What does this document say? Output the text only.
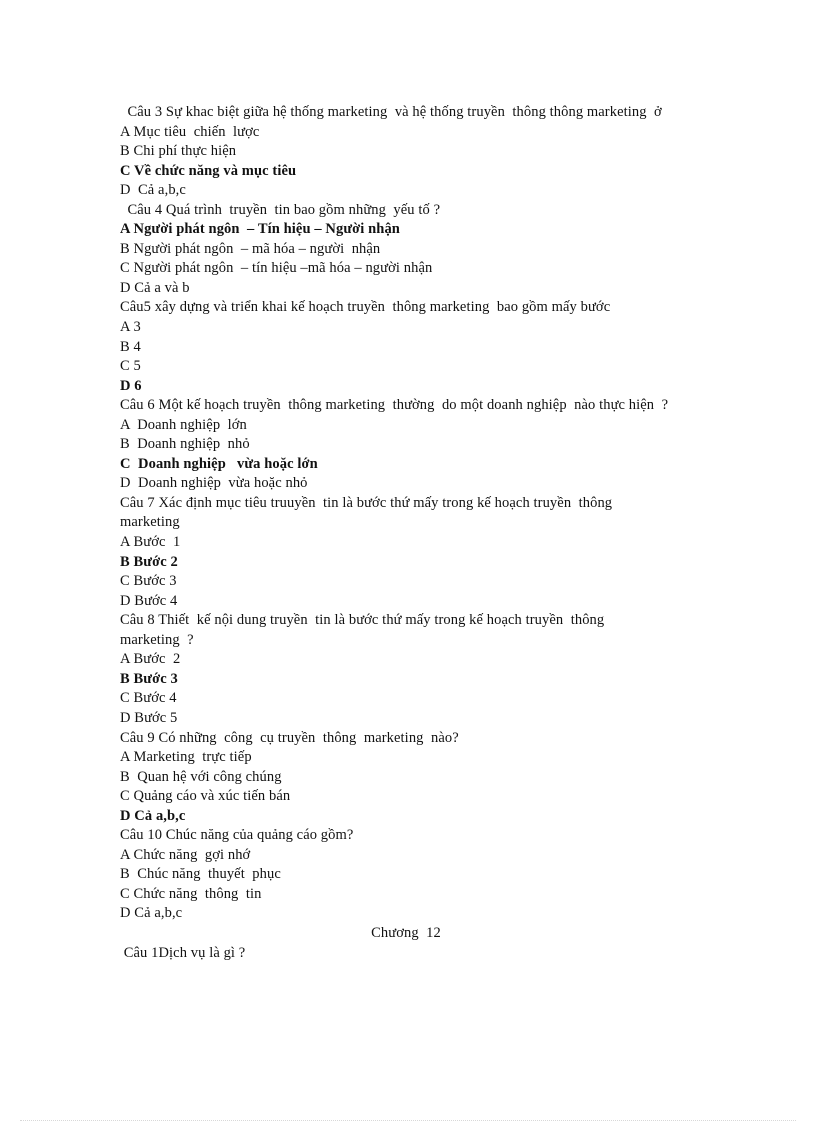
Câu 3 Sự khac biệt giữa hệ thống marketing  và hệ thống truyền  thông thông marketing  ở
A Mục tiêu  chiến  lược
B Chi phí thực hiện
C Về chức năng và mục tiêu
D  Cả a,b,c
Câu 4 Quá trình  truyền  tin bao gồm những  yếu tố ?
A Người phát ngôn  – Tín hiệu – Người nhận
B Người phát ngôn  – mã hóa – người  nhận
C Người phát ngôn  – tín hiệu –mã hóa – người nhận
D Cả a và b
Câu5 xây dựng và triển khai kế hoạch truyền  thông marketing  bao gồm mấy bước
A 3
B 4
C 5
D 6
Câu 6 Một kế hoạch truyền  thông marketing  thường  do một doanh nghiệp  nào thực hiện  ?
A  Doanh nghiệp  lớn
B  Doanh nghiệp  nhỏ
C  Doanh nghiệp   vừa hoặc lớn
D  Doanh nghiệp  vừa hoặc nhỏ
Câu 7 Xác định mục tiêu truuyền  tin là bước thứ mấy trong kế hoạch truyền  thông
marketing
A Bước  1
B Bước 2
C Bước 3
D Bước 4
Câu 8 Thiết  kế nội dung truyền  tin là bước thứ mấy trong kế hoạch truyền  thông
marketing  ?
A Bước  2
B Bước 3
C Bước 4
D Bước 5
Câu 9 Có những  công  cụ truyền  thông  marketing  nào?
A Marketing  trực tiếp
B  Quan hệ với công chúng
C Quảng cáo và xúc tiến bán
D Cả a,b,c
Câu 10 Chúc năng của quảng cáo gồm?
A Chức năng  gợi nhớ
B  Chúc năng  thuyết  phục
C Chức năng  thông  tin
D Cả a,b,c
Chương  12
Câu 1Dịch vụ là gì ?
